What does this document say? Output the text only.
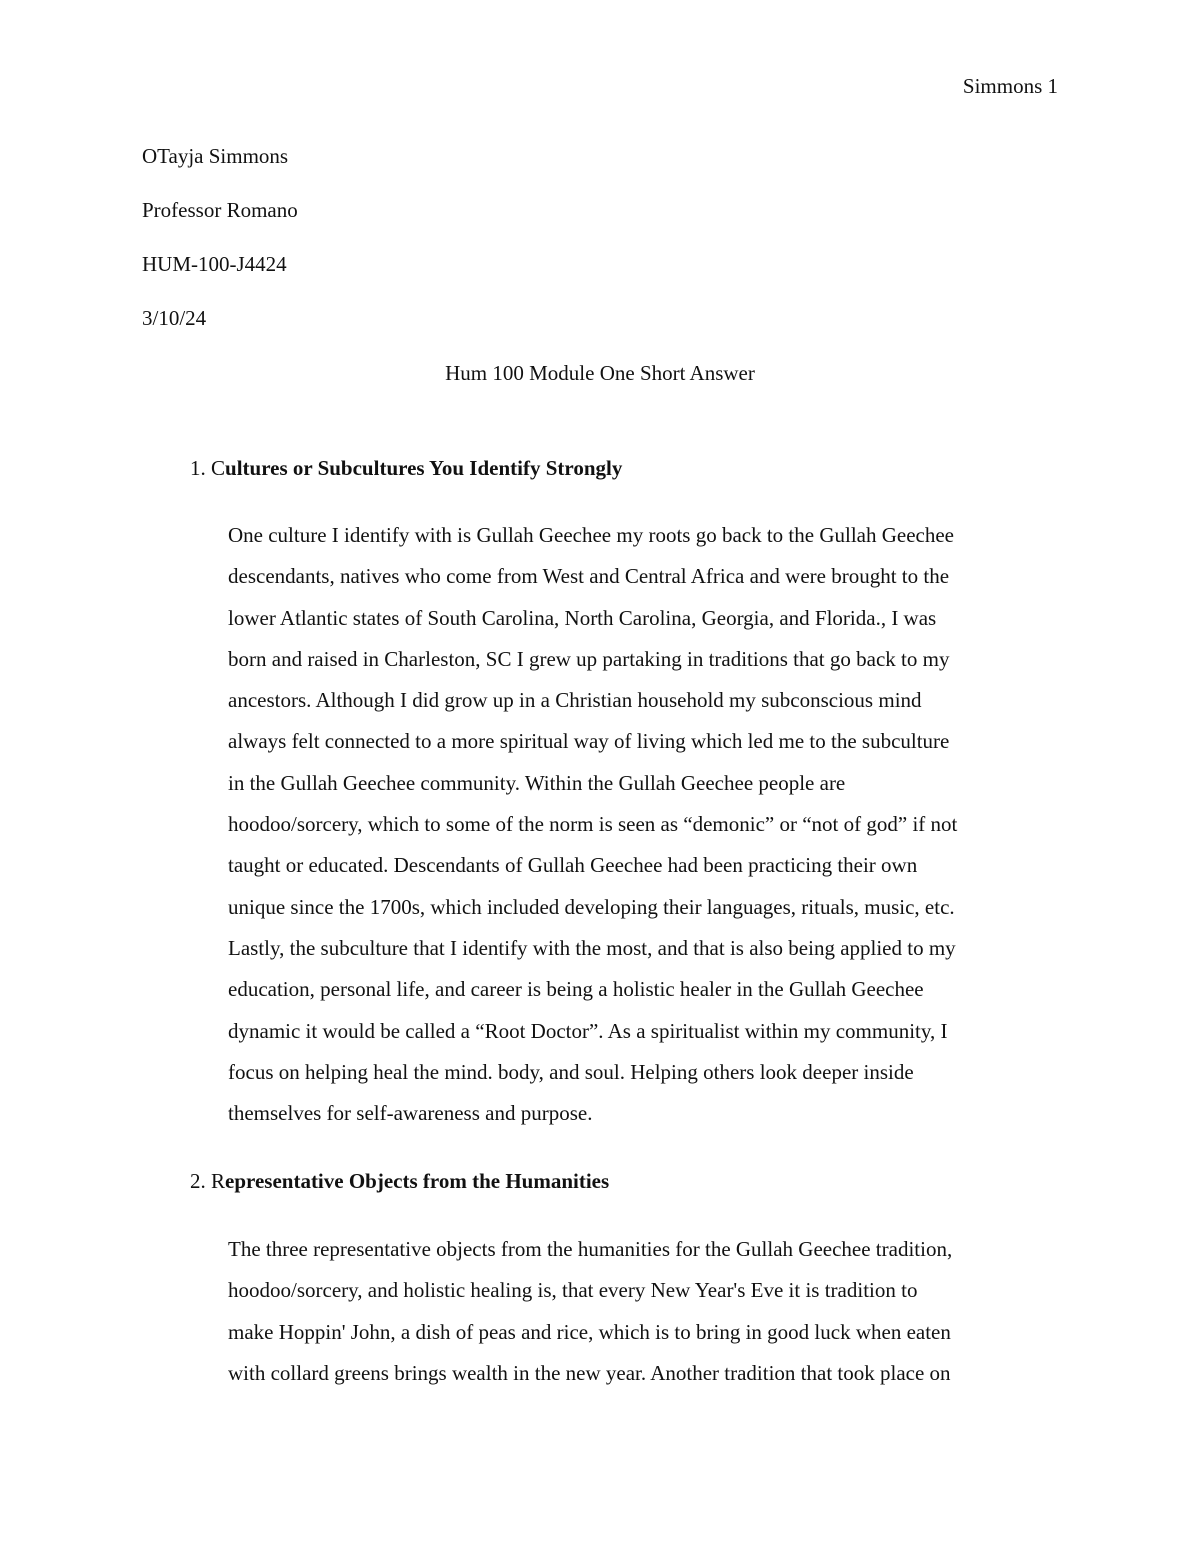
Simmons 1
OTayja Simmons
Professor Romano
HUM-100-J4424
3/10/24
Hum 100 Module One Short Answer
1. Cultures or Subcultures You Identify Strongly
One culture I identify with is Gullah Geechee my roots go back to the Gullah Geechee
descendants, natives who come from West and Central Africa and were brought to the
lower Atlantic states of South Carolina, North Carolina, Georgia, and Florida., I was
born and raised in Charleston, SC I grew up partaking in traditions that go back to my
ancestors. Although I did grow up in a Christian household my subconscious mind
always felt connected to a more spiritual way of living which led me to the subculture
in the Gullah Geechee community. Within the Gullah Geechee people are
hoodoo/sorcery, which to some of the norm is seen as “demonic” or “not of god” if not
taught or educated. Descendants of Gullah Geechee had been practicing their own
unique since the 1700s, which included developing their languages, rituals, music, etc.
Lastly, the subculture that I identify with the most, and that is also being applied to my
education, personal life, and career is being a holistic healer in the Gullah Geechee
dynamic it would be called a “Root Doctor”. As a spiritualist within my community, I
focus on helping heal the mind. body, and soul. Helping others look deeper inside
themselves for self-awareness and purpose.
2. Representative Objects from the Humanities
The three representative objects from the humanities for the Gullah Geechee tradition,
hoodoo/sorcery, and holistic healing is, that every New Year's Eve it is tradition to
make Hoppin' John, a dish of peas and rice, which is to bring in good luck when eaten
with collard greens brings wealth in the new year. Another tradition that took place on
